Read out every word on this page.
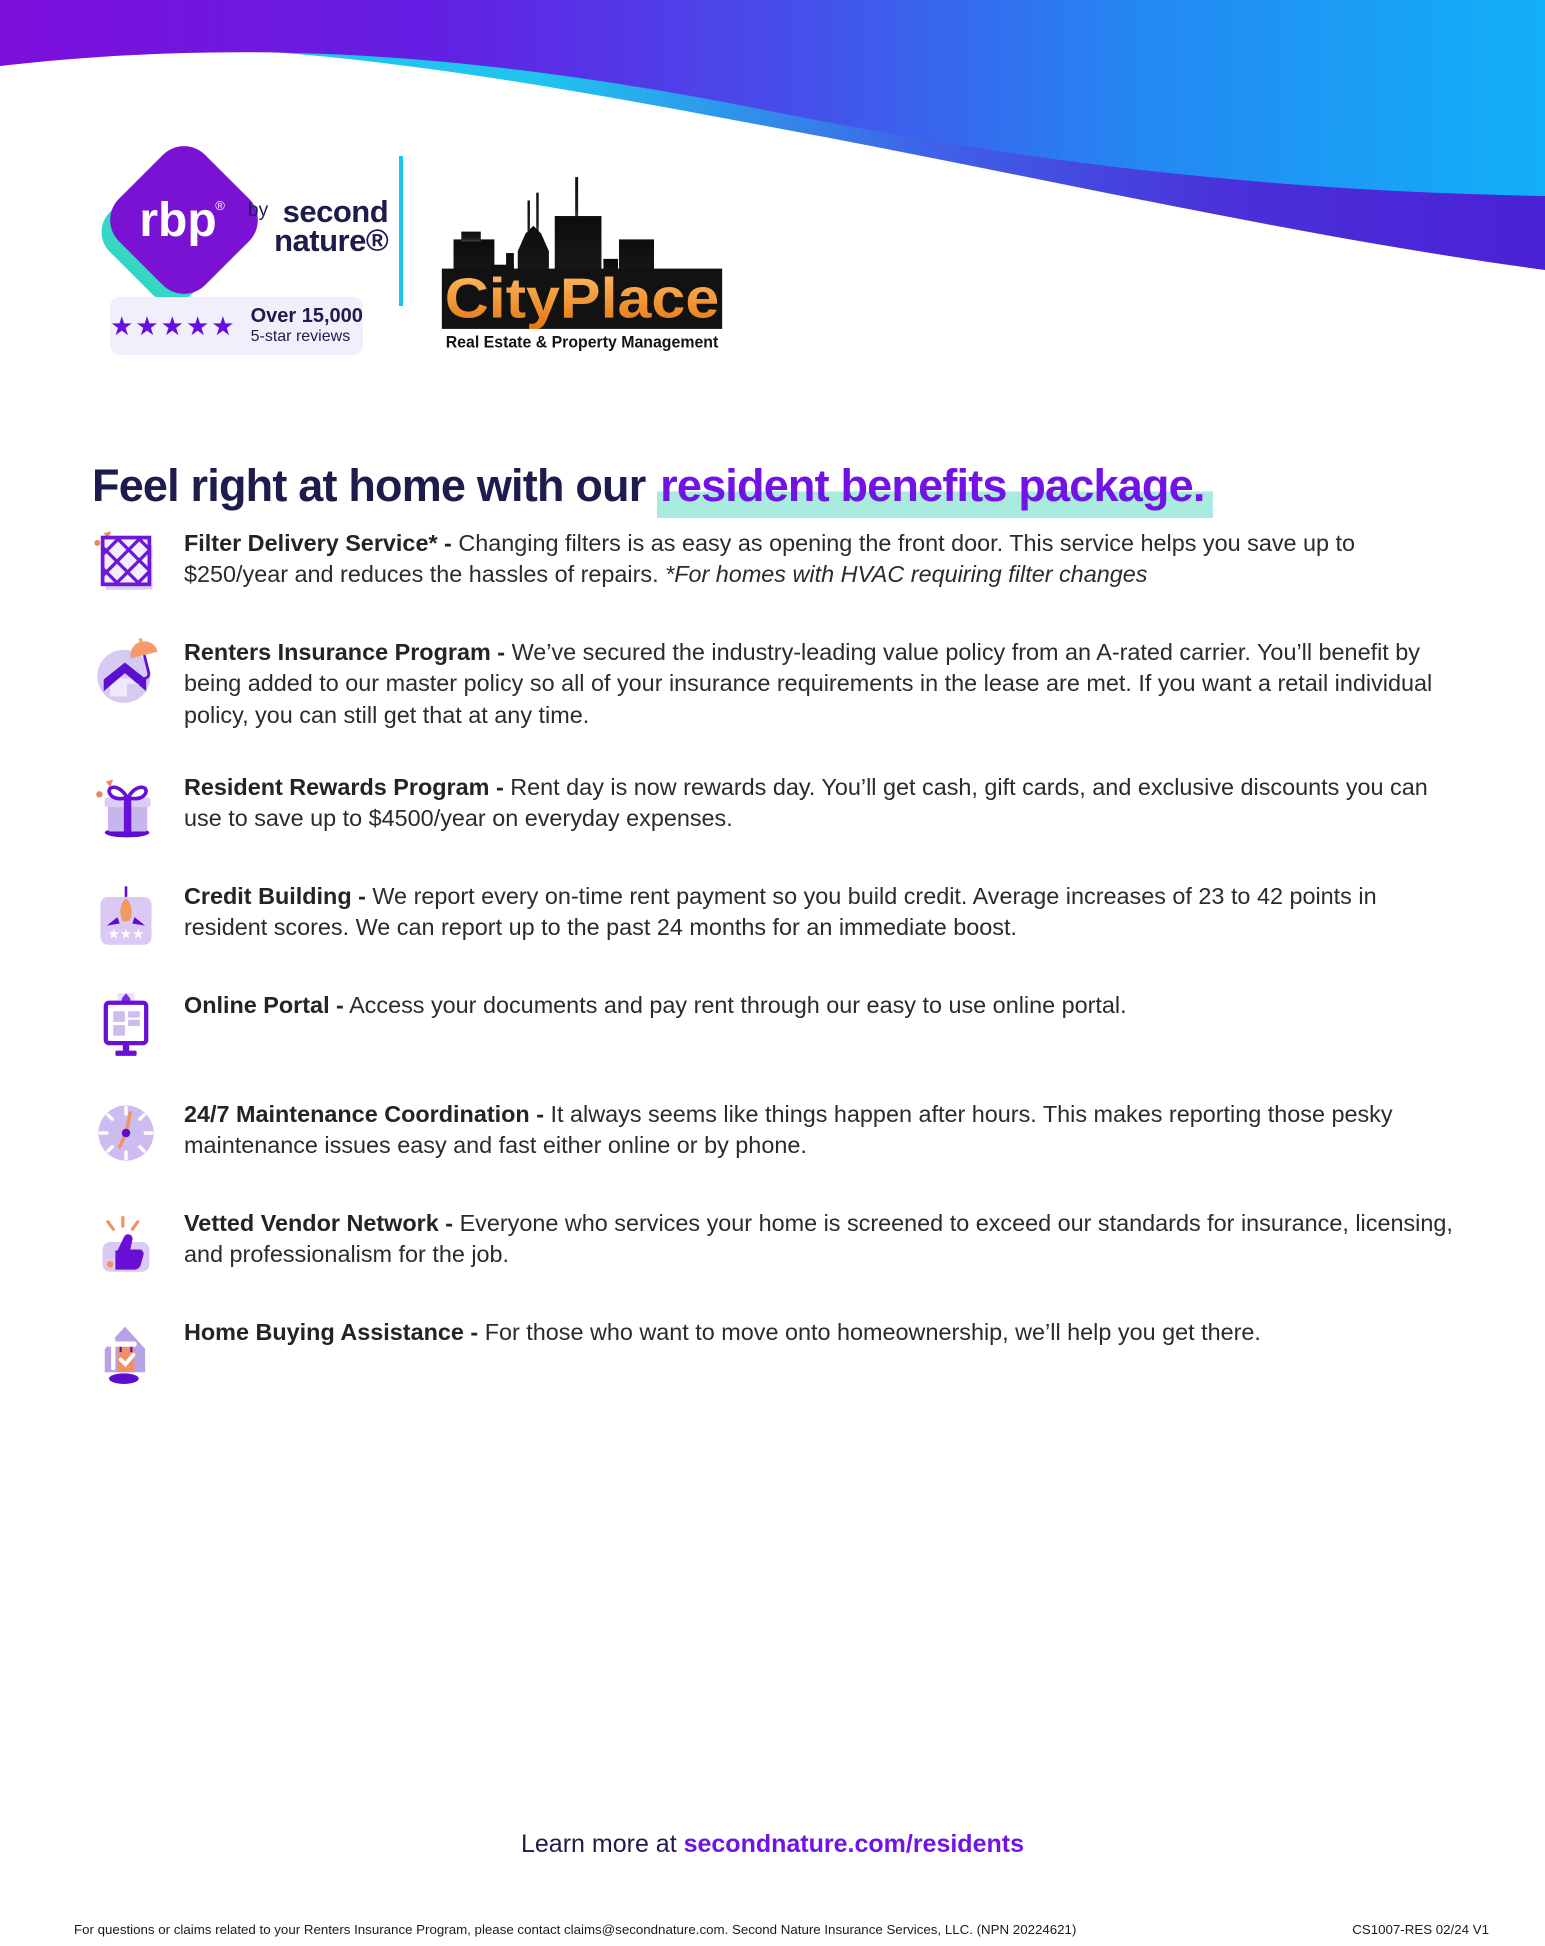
rbp
® by second
nature®
★★★★★ Over 15,000
5-star reviews
CityPlace
Real Estate & Property Management
Feel right at home with our resident benefits package.

Filter Delivery Service* - Changing filters is as easy as opening the front door. This service helps you save up to $250/year and reduces the hassles of repairs. *For homes with HVAC requiring filter changes

Renters Insurance Program - We’ve secured the industry-leading value policy from an A-rated carrier. You’ll benefit by being added to our master policy so all of your insurance requirements in the lease are met. If you want a retail individual policy, you can still get that at any time.

Resident Rewards Program - Rent day is now rewards day. You’ll get cash, gift cards, and exclusive discounts you can use to save up to $4500/year on everyday expenses.

★★★

Credit Building - We report every on-time rent payment so you build credit. Average increases of 23 to 42 points in resident scores. We can report up to the past 24 months for an immediate boost.

Online Portal - Access your documents and pay rent through our easy to use online portal.

24/7 Maintenance Coordination - It always seems like things happen after hours. This makes reporting those pesky maintenance issues easy and fast either online or by phone.

Vetted Vendor Network - Everyone who services your home is screened to exceed our standards for insurance, licensing, and professionalism for the job.

Home Buying Assistance - For those who want to move onto homeownership, we’ll help you get there.

Learn more at secondnature.com/residents
For questions or claims related to your Renters Insurance Program, please contact claims@secondnature.com. Second Nature Insurance Services, LLC. (NPN 20224621)	CS1007-RES 02/24 V1
